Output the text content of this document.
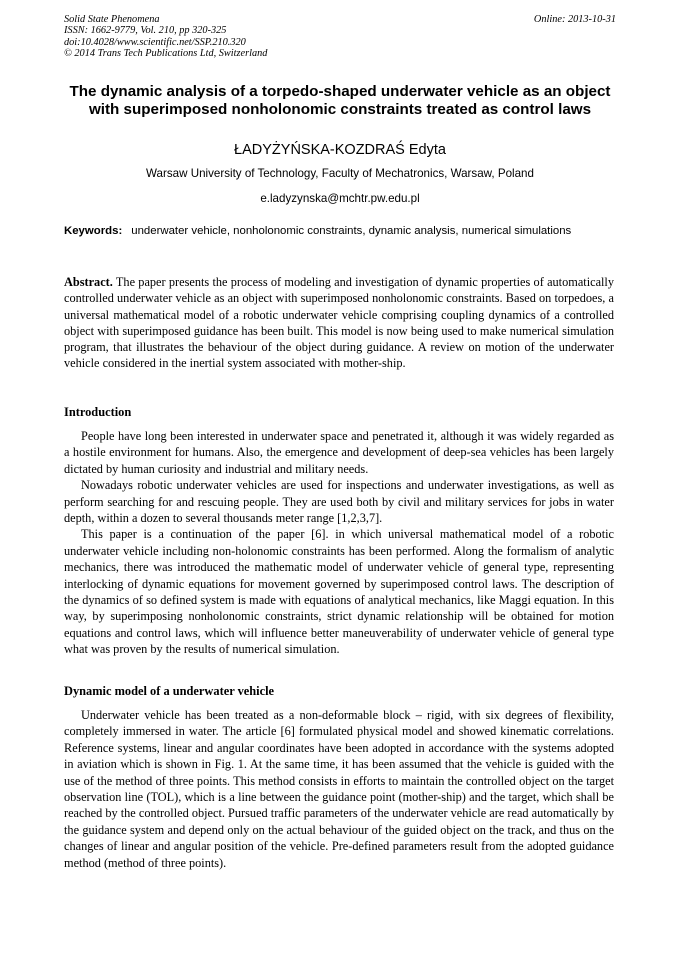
Solid State Phenomena
ISSN: 1662-9779, Vol. 210, pp 320-325
doi:10.4028/www.scientific.net/SSP.210.320
© 2014 Trans Tech Publications Ltd, Switzerland
Online: 2013-10-31
The dynamic analysis of a torpedo-shaped underwater vehicle as an object with superimposed nonholonomic constraints treated as control laws
ŁADYŻYŃSKA-KOZDRAŚ Edyta
Warsaw University of Technology, Faculty of Mechatronics, Warsaw, Poland
e.ladyzynska@mchtr.pw.edu.pl
Keywords: underwater vehicle, nonholonomic constraints, dynamic analysis, numerical simulations
Abstract. The paper presents the process of modeling and investigation of dynamic properties of automatically controlled underwater vehicle as an object with superimposed nonholonomic constraints. Based on torpedoes, a universal mathematical model of a robotic underwater vehicle comprising coupling dynamics of a controlled object with superimposed guidance has been built. This model is now being used to make numerical simulation program, that illustrates the behaviour of the object during guidance. A review on motion of the underwater vehicle considered in the inertial system associated with mother-ship.
Introduction

People have long been interested in underwater space and penetrated it, although it was widely regarded as a hostile environment for humans. Also, the emergence and development of deep-sea vehicles has been largely dictated by human curiosity and industrial and military needs.

Nowadays robotic underwater vehicles are used for inspections and underwater investigations, as well as perform searching for and rescuing people. They are used both by civil and military services for jobs in water depth, within a dozen to several thousands meter range [1,2,3,7].

This paper is a continuation of the paper [6]. in which universal mathematical model of a robotic underwater vehicle including non-holonomic constraints has been performed. Along the formalism of analytic mechanics, there was introduced the mathematic model of underwater vehicle of general type, representing interlocking of dynamic equations for movement governed by superimposed control laws. The description of the dynamics of so defined system is made with equations of analytical mechanics, like Maggi equation. In this way, by superimposing nonholonomic constraints, strict dynamic relationship will be obtained for motion equations and control laws, which will influence better maneuverability of underwater vehicle of general type what was proven by the results of numerical simulation.

Dynamic model of a underwater vehicle

Underwater vehicle has been treated as a non-deformable block – rigid, with six degrees of flexibility, completely immersed in water. The article [6] formulated physical model and showed kinematic correlations. Reference systems, linear and angular coordinates have been adopted in accordance with the systems adopted in aviation which is shown in Fig. 1. At the same time, it has been assumed that the vehicle is guided with the use of the method of three points. This method consists in efforts to maintain the controlled object on the target observation line (TOL), which is a line between the guidance point (mother-ship) and the target, which shall be reached by the controlled object. Pursued traffic parameters of the underwater vehicle are read automatically by the guidance system and depend only on the actual behaviour of the guided object on the track, and thus on the changes of linear and angular position of the vehicle. Pre-defined parameters result from the adopted guidance method (method of three points).
